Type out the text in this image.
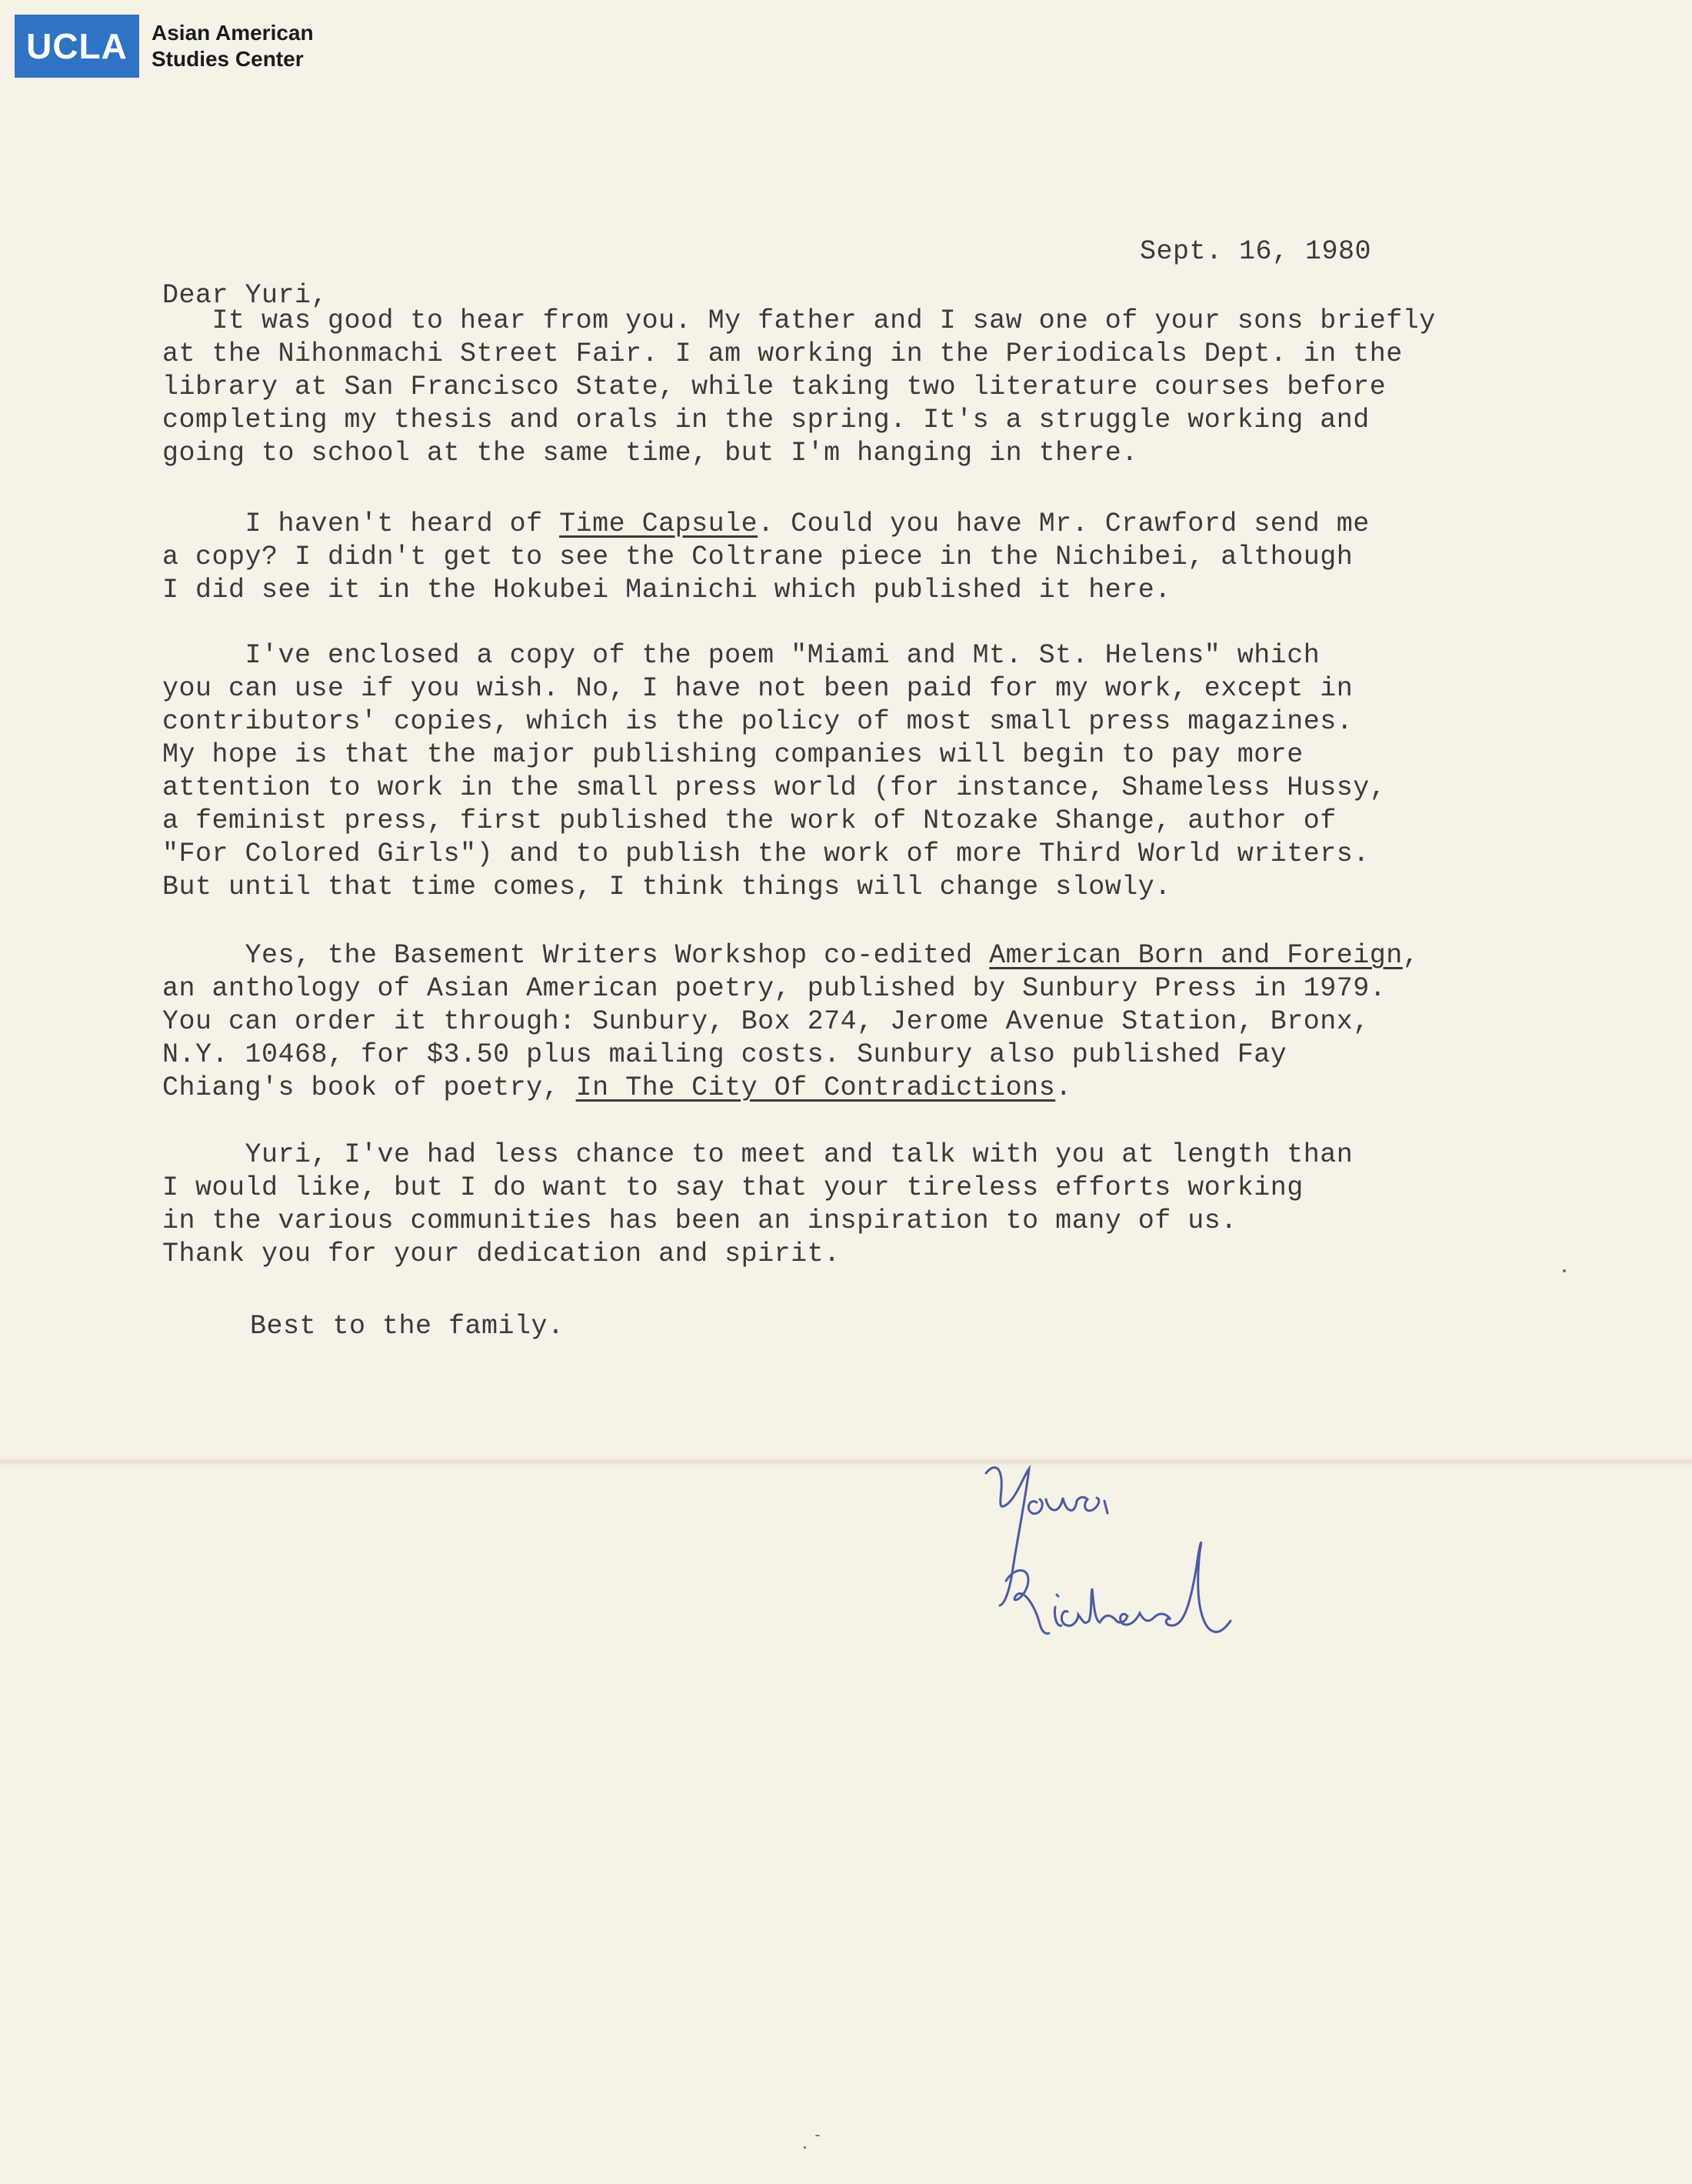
UCLA	Asian American
Studies Center
Sept. 16, 1980
Dear Yuri,
It was good to hear from you. My father and I saw one of your sons briefly
at the Nihonmachi Street Fair. I am working in the Periodicals Dept. in the
library at San Francisco State, while taking two literature courses before
completing my thesis and orals in the spring. It's a struggle working and
going to school at the same time, but I'm hanging in there.
I haven't heard of Time Capsule. Could you have Mr. Crawford send me
a copy? I didn't get to see the Coltrane piece in the Nichibei, although
I did see it in the Hokubei Mainichi which published it here.
I've enclosed a copy of the poem "Miami and Mt. St. Helens" which
you can use if you wish. No, I have not been paid for my work, except in
contributors' copies, which is the policy of most small press magazines.
My hope is that the major publishing companies will begin to pay more
attention to work in the small press world (for instance, Shameless Hussy,
a feminist press, first published the work of Ntozake Shange, author of
"For Colored Girls") and to publish the work of more Third World writers.
But until that time comes, I think things will change slowly.
Yes, the Basement Writers Workshop co-edited American Born and Foreign,
an anthology of Asian American poetry, published by Sunbury Press in 1979.
You can order it through: Sunbury, Box 274, Jerome Avenue Station, Bronx,
N.Y. 10468, for $3.50 plus mailing costs. Sunbury also published Fay
Chiang's book of poetry, In The City Of Contradictions.
Yuri, I've had less chance to meet and talk with you at length than
I would like, but I do want to say that your tireless efforts working
in the various communities has been an inspiration to many of us.
Thank you for your dedication and spirit.
Best to the family.
